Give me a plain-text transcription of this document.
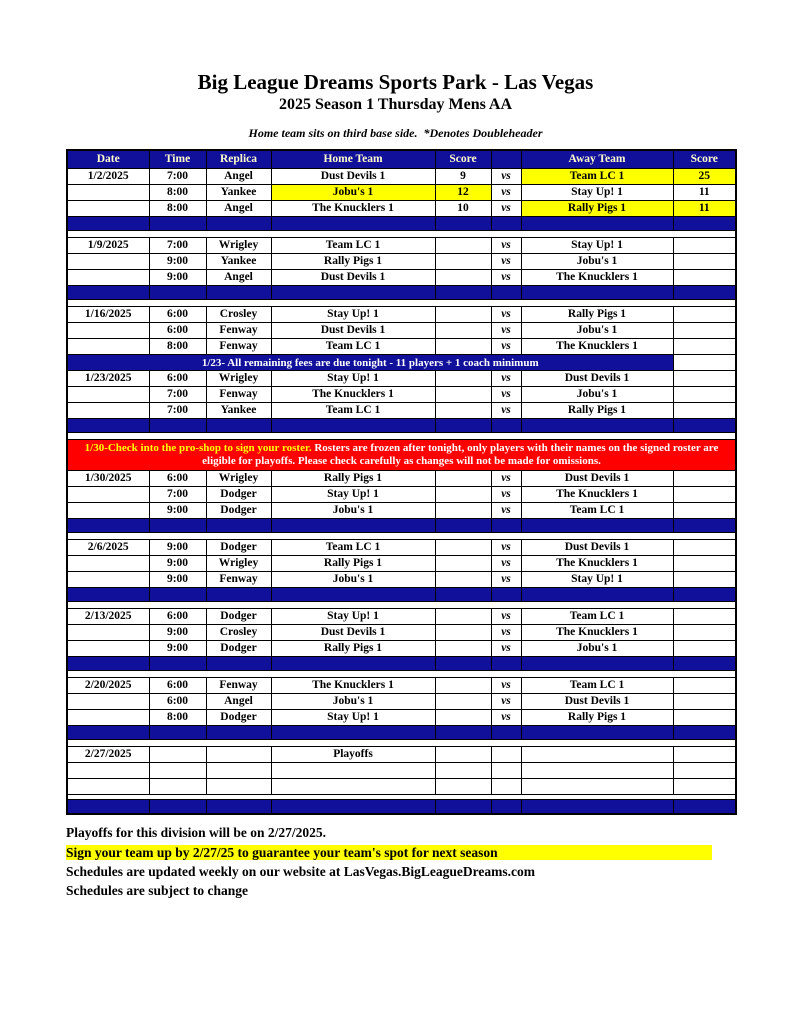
Big League Dreams Sports Park - Las Vegas
2025 Season 1 Thursday Mens AA
Home team sits on third base side.  *Denotes Doubleheader
Date	Time	Replica	Home Team	Score		Away Team	Score
1/2/2025	7:00	Angel	Dust Devils 1	9	vs	Team LC 1	25
	8:00	Yankee	Jobu's 1	12	vs	Stay Up! 1	11
	8:00	Angel	The Knucklers 1	10	vs	Rally Pigs 1	11

1/9/2025	7:00	Wrigley	Team LC 1		vs	Stay Up! 1	
	9:00	Yankee	Rally Pigs 1		vs	Jobu's 1	
	9:00	Angel	Dust Devils 1		vs	The Knucklers 1	

1/16/2025	6:00	Crosley	Stay Up! 1		vs	Rally Pigs 1	
	6:00	Fenway	Dust Devils 1		vs	Jobu's 1	
	8:00	Fenway	Team LC 1		vs	The Knucklers 1	
1/23- All remaining fees are due tonight - 11 players + 1 coach minimum							
1/23/2025	6:00	Wrigley	Stay Up! 1		vs	Dust Devils 1	
	7:00	Fenway	The Knucklers 1		vs	Jobu's 1	
	7:00	Yankee	Team LC 1		vs	Rally Pigs 1	

1/30-Check into the pro-shop to sign your roster. Rosters are frozen after tonight, only players with their names on the signed roster are eligible for playoffs. Please check carefully as changes will not be made for omissions.							
1/30/2025	6:00	Wrigley	Rally Pigs 1		vs	Dust Devils 1	
	7:00	Dodger	Stay Up! 1		vs	The Knucklers 1	
	9:00	Dodger	Jobu's 1		vs	Team LC 1	

2/6/2025	9:00	Dodger	Team LC 1		vs	Dust Devils 1	
	9:00	Wrigley	Rally Pigs 1		vs	The Knucklers 1	
	9:00	Fenway	Jobu's 1		vs	Stay Up! 1	

2/13/2025	6:00	Dodger	Stay Up! 1		vs	Team LC 1	
	9:00	Crosley	Dust Devils 1		vs	The Knucklers 1	
	9:00	Dodger	Rally Pigs 1		vs	Jobu's 1	

2/20/2025	6:00	Fenway	The Knucklers 1		vs	Team LC 1	
	6:00	Angel	Jobu's 1		vs	Dust Devils 1	
	8:00	Dodger	Stay Up! 1		vs	Rally Pigs 1	

2/27/2025			Playoffs				

Playoffs for this division will be on 2/27/2025.
Sign your team up by 2/27/25 to guarantee your team's spot for next season
Schedules are updated weekly on our website at LasVegas.BigLeagueDreams.com
Schedules are subject to change
